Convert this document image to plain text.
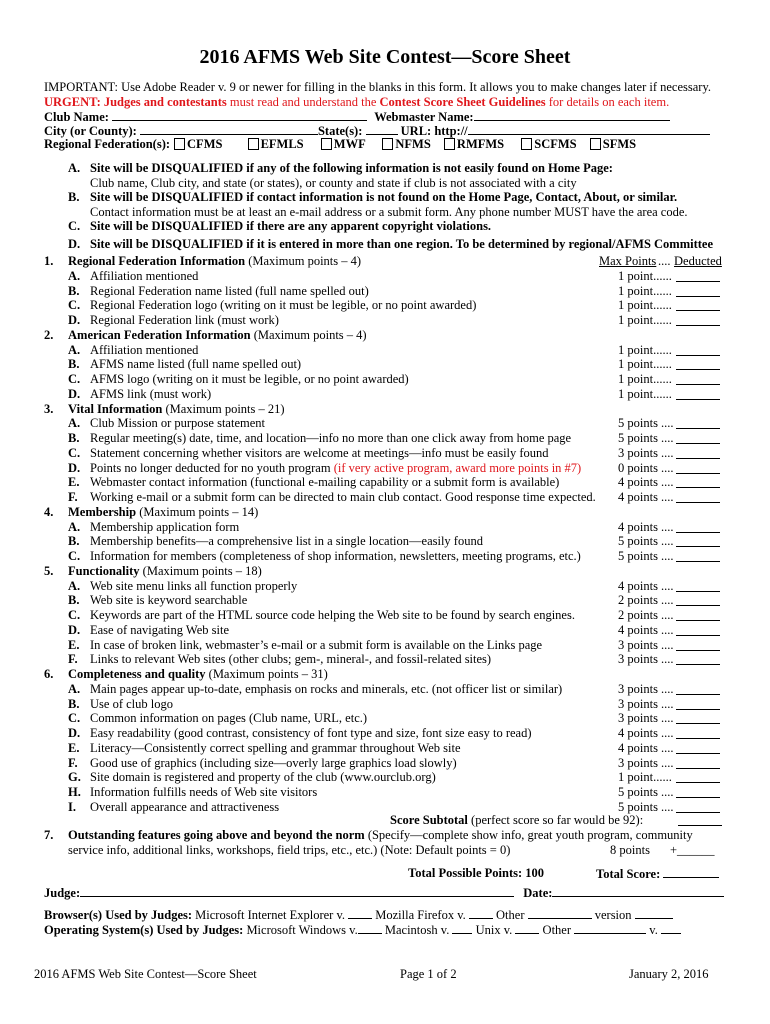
2016 AFMS Web Site Contest—Score Sheet
IMPORTANT: Use Adobe Reader v. 9 or newer for filling in the blanks in this form. It allows you to make changes later if necessary.
URGENT: Judges and contestants must read and understand the Contest Score Sheet Guidelines for details on each item.
Club Name:	Webmaster Name:
City (or County):	State(s):	URL: http://
Regional Federation(s): CFMS	EFMLS MWF NFMS RMFMS SCFMS SFMS
A. Site will be DISQUALIFIED if any of the following information is not easily found on Home Page:
Club name, Club city, and state (or states), or county and state if club is not associated with a city
B. Site will be DISQUALIFIED if contact information is not found on the Home Page, Contact, About, or similar.
Contact information must be at least an e-mail address or a submit form. Any phone number MUST have the area code.
C. Site will be DISQUALIFIED if there are any apparent copyright violations.
D. Site will be DISQUALIFIED if it is entered in more than one region. To be determined by regional/AFMS Committee
Max Points .... Deducted
1. Regional Federation Information (Maximum points – 4)
A. Affiliation mentioned	1 point......
B. Regional Federation name listed (full name spelled out)	1 point......
C. Regional Federation logo (writing on it must be legible, or no point awarded)	1 point......
D. Regional Federation link (must work)	1 point......
2. American Federation Information (Maximum points – 4)
A. Affiliation mentioned	1 point......
B. AFMS name listed (full name spelled out)	1 point......
C. AFMS logo (writing on it must be legible, or no point awarded)	1 point......
D. AFMS link (must work)	1 point......
3. Vital Information (Maximum points – 21)
A. Club Mission or purpose statement	5 points ....
B. Regular meeting(s) date, time, and location—info no more than one click away from home page	5 points ....
C. Statement concerning whether visitors are welcome at meetings—info must be easily found	3 points ....
D. Points no longer deducted for no youth program (if very active program, award more points in #7)	0 points ....
E. Webmaster contact information (functional e-mailing capability or a submit form is available)	4 points ....
F. Working e-mail or a submit form can be directed to main club contact. Good response time expected. 4 points ....
4. Membership (Maximum points – 14)
A. Membership application form	4 points ....
B. Membership benefits—a comprehensive list in a single location—easily found	5 points ....
C. Information for members (completeness of shop information, newsletters, meeting programs, etc.)	5 points ....
5. Functionality (Maximum points – 18)
A. Web site menu links all function properly	4 points ....
B. Web site is keyword searchable	2 points ....
C. Keywords are part of the HTML source code helping the Web site to be found by search engines.	2 points ....
D. Ease of navigating Web site	4 points ....
E. In case of broken link, webmaster’s e-mail or a submit form is available on the Links page	3 points ....
F. Links to relevant Web sites (other clubs; gem-, mineral-, and fossil-related sites)	3 points ....
6. Completeness and quality (Maximum points – 31)
A. Main pages appear up-to-date, emphasis on rocks and minerals, etc. (not officer list or similar)	3 points ....
B. Use of club logo	3 points ....
C. Common information on pages (Club name, URL, etc.)	3 points ....
D. Easy readability (good contrast, consistency of font type and size, font size easy to read)	4 points ....
E. Literacy—Consistently correct spelling and grammar throughout Web site	4 points ....
F. Good use of graphics (including size—overly large graphics load slowly)	3 points ....
G. Site domain is registered and property of the club (www.ourclub.org)	1 point......
H. Information fulfills needs of Web site visitors	5 points ....
I. Overall appearance and attractiveness	5 points ....
Score Subtotal (perfect score so far would be 92):
7. Outstanding features going above and beyond the norm (Specify—complete show info, great youth program, community
service info, additional links, workshops, field trips, etc., etc.) (Note: Default points = 0)	8 points +______
Total Possible Points: 100	Total Score:
Judge:	Date:
Browser(s) Used by Judges: Microsoft Internet Explorer v. Mozilla Firefox v. Other	version
Operating System(s) Used by Judges: Microsoft Windows v. Macintosh v. Unix v. Other	v.
2016 AFMS Web Site Contest—Score Sheet	Page 1 of 2	January 2, 2016
